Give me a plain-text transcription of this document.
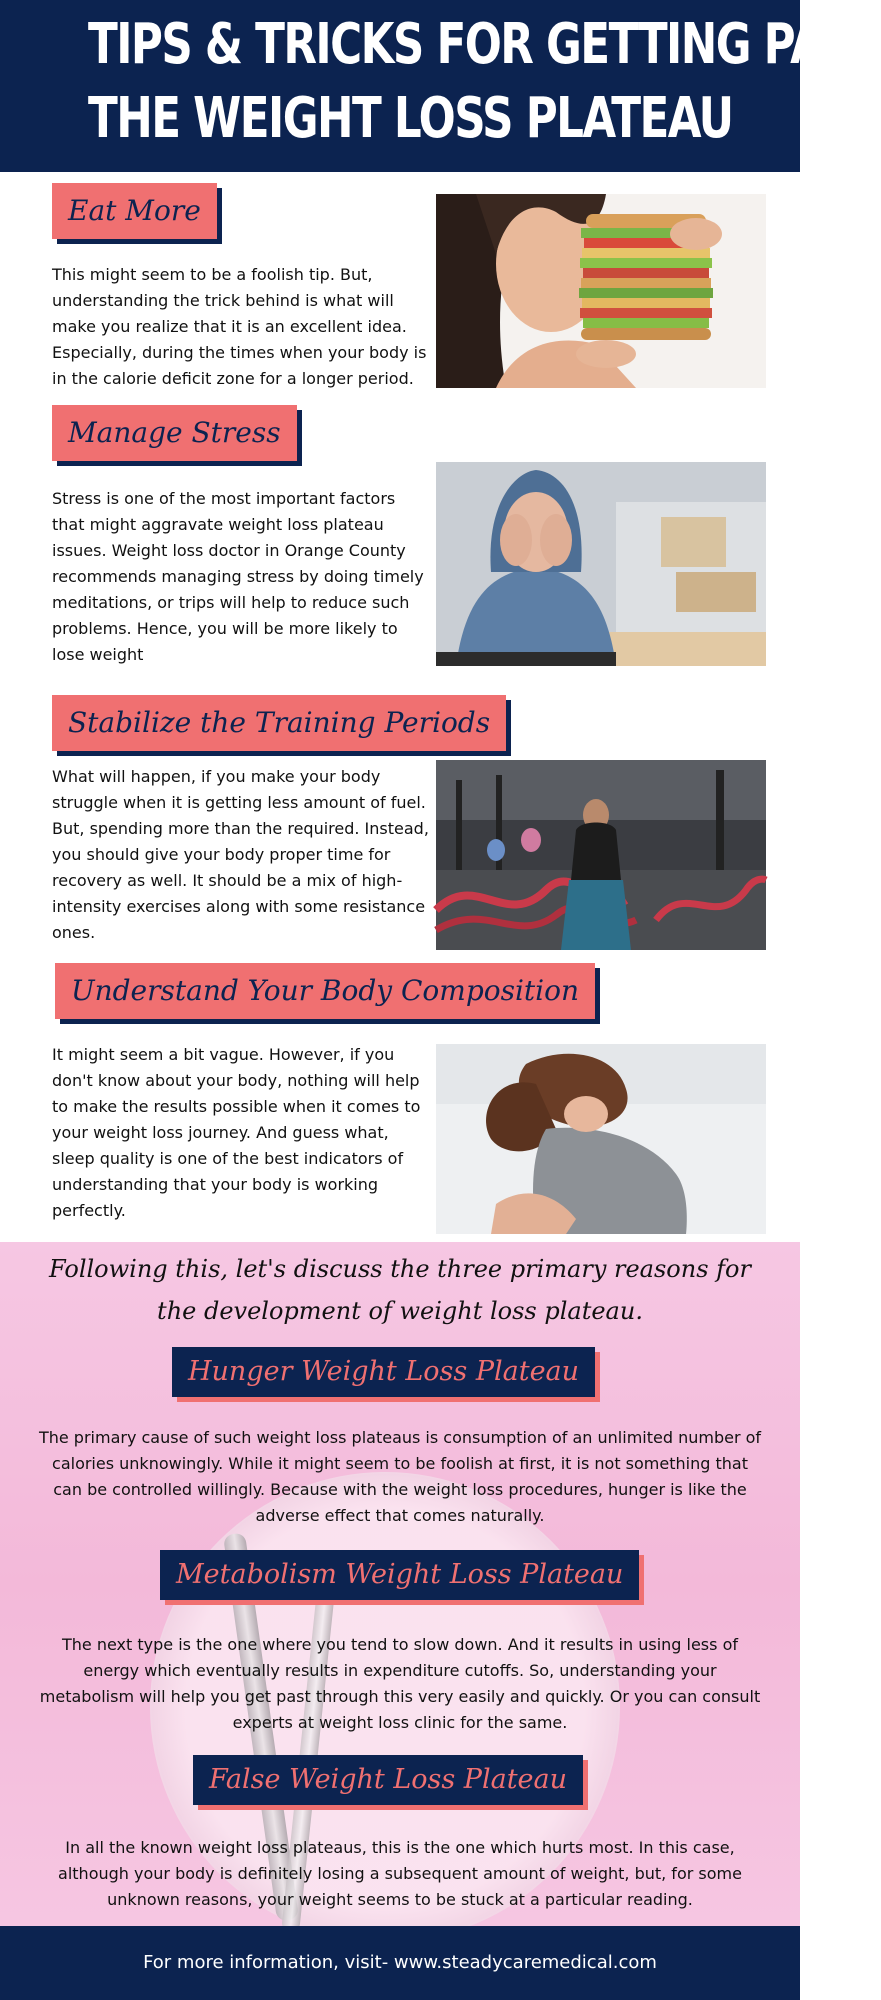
TIPS & TRICKS FOR GETTING PAST
THE WEIGHT LOSS PLATEAU
Eat More
This might seem to be a foolish tip. But, understanding the trick behind is what will make you realize that it is an excellent idea. Especially, during the times when your body is in the calorie deficit zone for a longer period.
Manage Stress
Stress is one of the most important factors that might aggravate weight loss plateau issues. Weight loss doctor in Orange County recommends managing stress by doing timely meditations, or trips will help to reduce such problems. Hence, you will be more likely to lose weight
Stabilize the Training Periods
What will happen, if you make your body struggle when it is getting less amount of fuel. But, spending more than the required. Instead, you should give your body proper time for recovery as well. It should be a mix of high-intensity exercises along with some resistance ones.
Understand Your Body Composition
It might seem a bit vague. However, if you don't know about your body, nothing will help to make the results possible when it comes to your weight loss journey. And guess what, sleep quality is one of the best indicators of understanding that your body is working perfectly.
Following this, let's discuss the three primary reasons for the development of weight loss plateau.
Hunger Weight Loss Plateau
The primary cause of such weight loss plateaus is consumption of an unlimited number of calories unknowingly. While it might seem to be foolish at first, it is not something that can be controlled willingly. Because with the weight loss procedures, hunger is like the adverse effect that comes naturally.
Metabolism Weight Loss Plateau
The next type is the one where you tend to slow down. And it results in using less of energy which eventually results in expenditure cutoffs. So, understanding your metabolism will help you get past through this very easily and quickly. Or you can consult experts at weight loss clinic for the same.
False Weight Loss Plateau
In all the known weight loss plateaus, this is the one which hurts most. In this case, although your body is definitely losing a subsequent amount of weight, but, for some unknown reasons, your weight seems to be stuck at a particular reading.
For more information, visit- www.steadycaremedical.com
